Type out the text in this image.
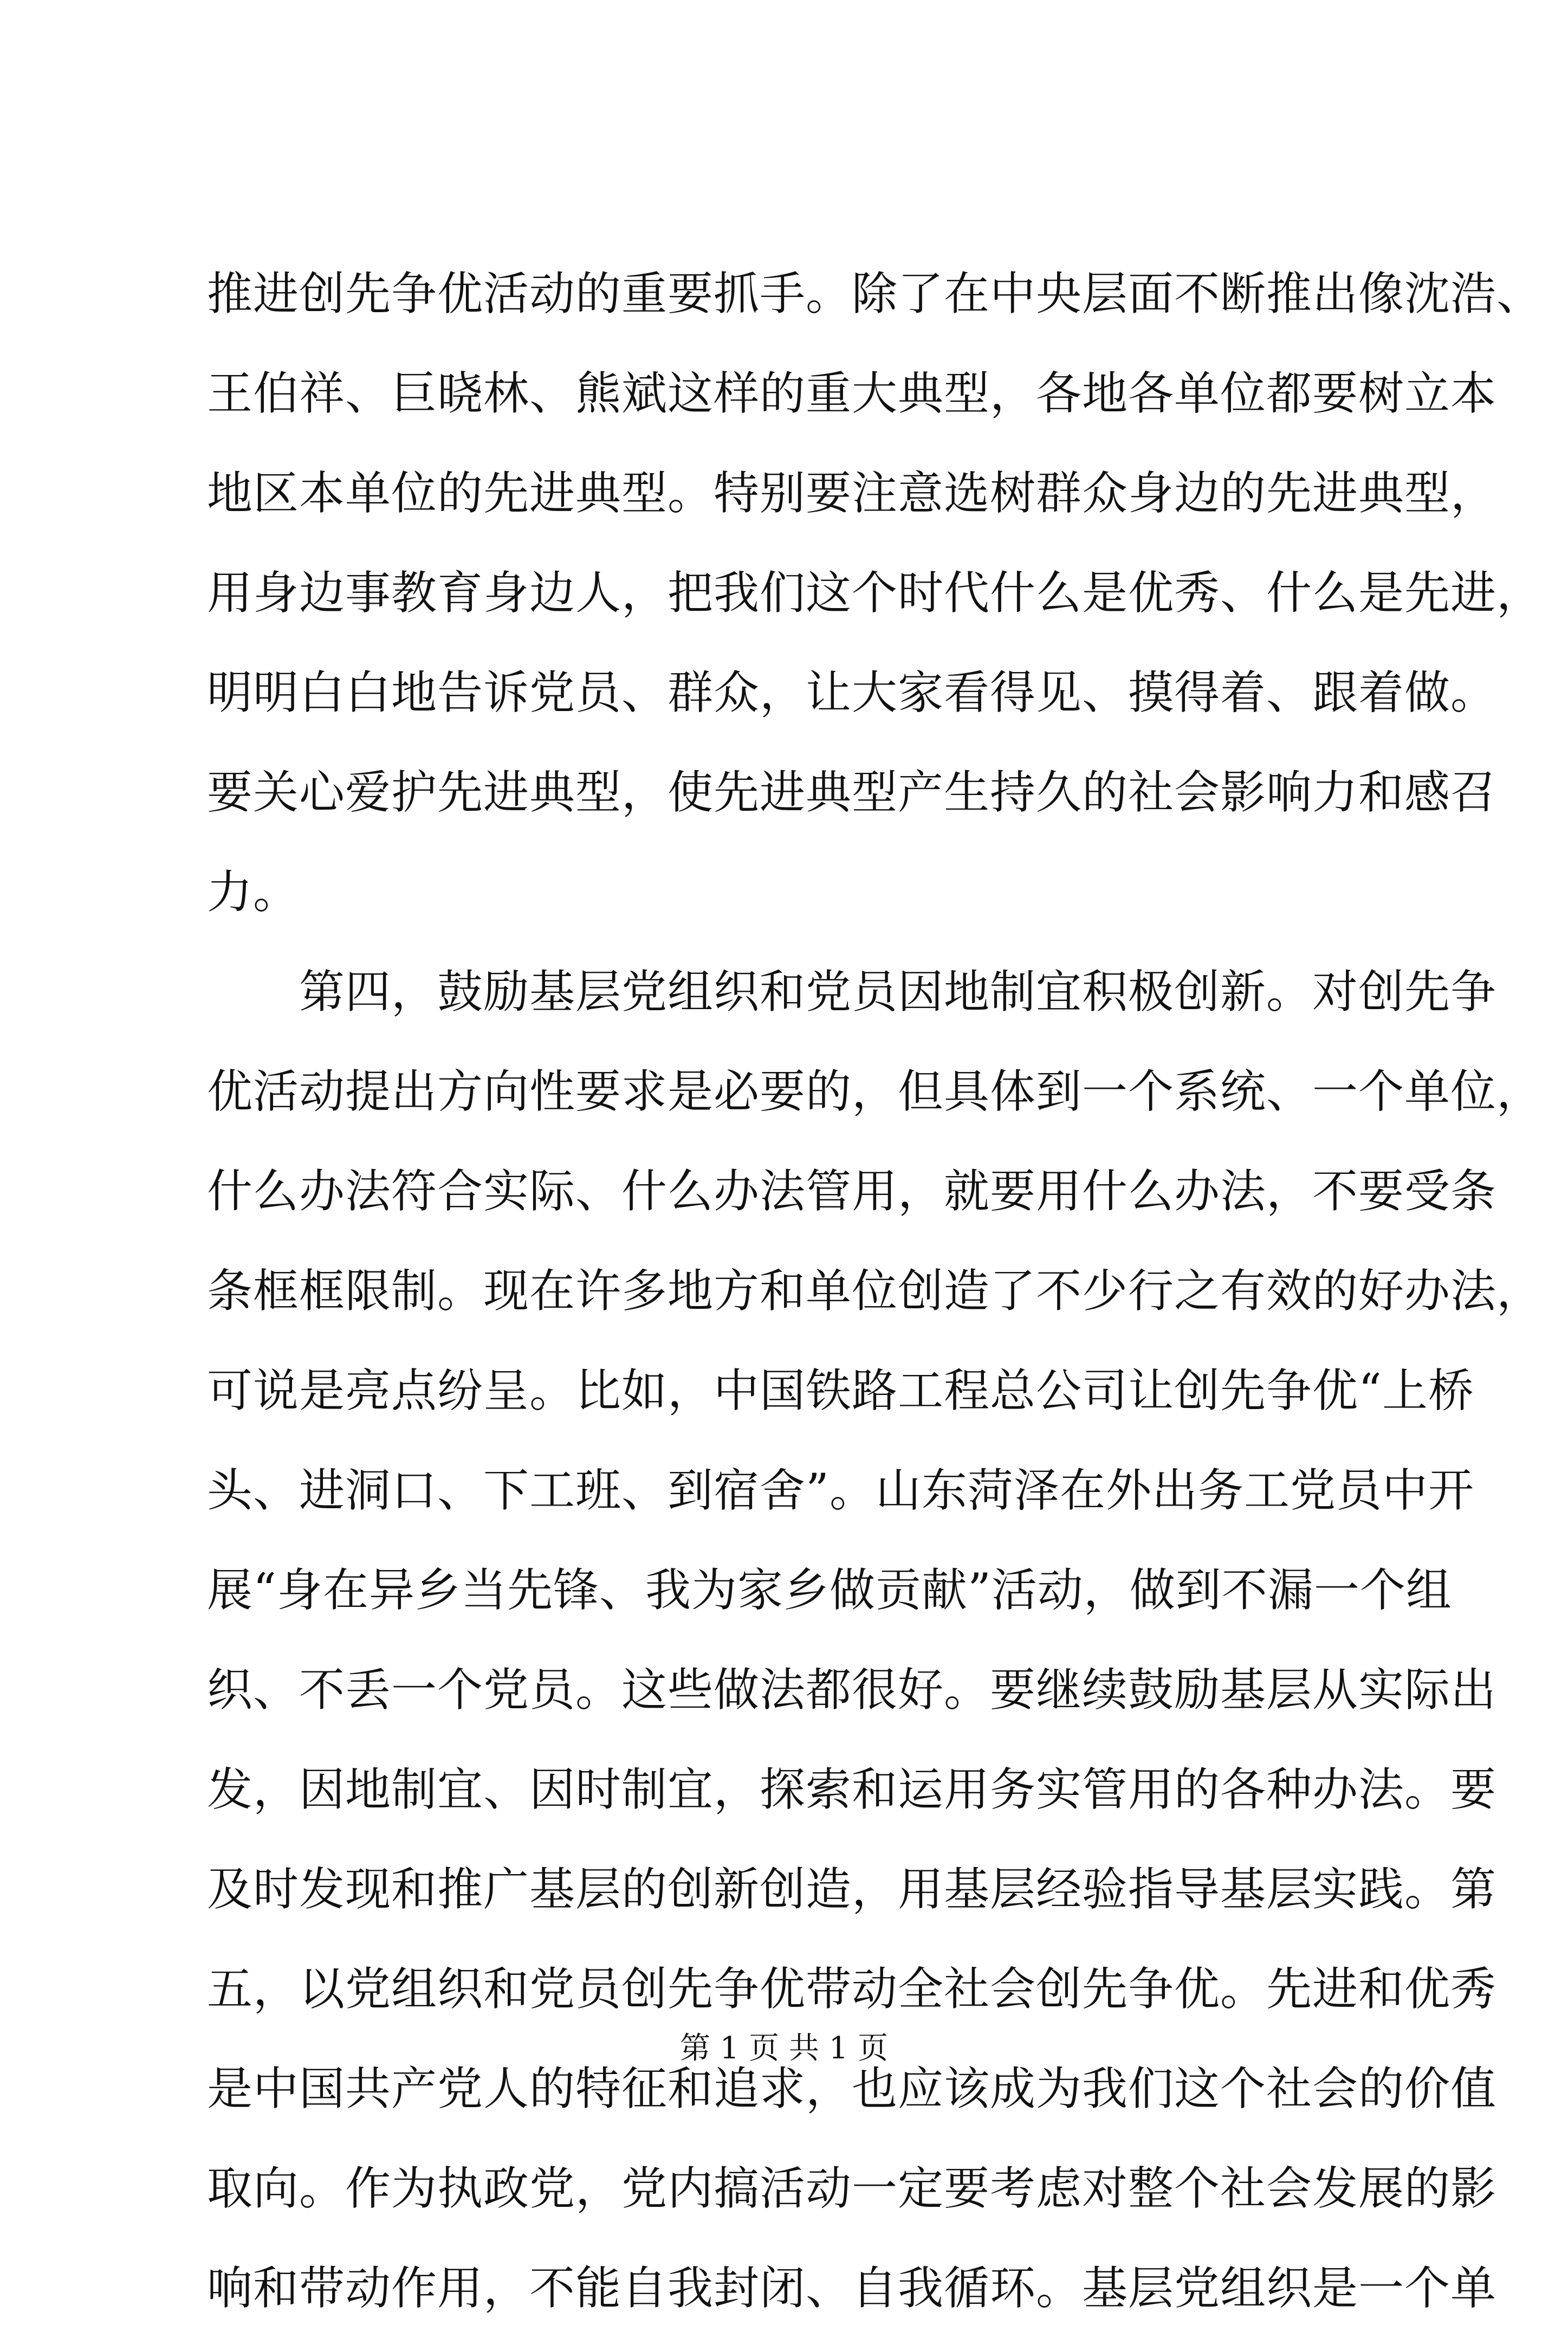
推进创先争优活动的重要抓手。除了在中央层面不断推出像沈浩、
王伯祥、巨晓林、熊斌这样的重大典型，各地各单位都要树立本
地区本单位的先进典型。特别要注意选树群众身边的先进典型，
用身边事教育身边人，把我们这个时代什么是优秀、什么是先进，
明明白白地告诉党员、群众，让大家看得见、摸得着、跟着做。
要关心爱护先进典型，使先进典型产生持久的社会影响力和感召
力。
　　第四，鼓励基层党组织和党员因地制宜积极创新。对创先争
优活动提出方向性要求是必要的，但具体到一个系统、一个单位，
什么办法符合实际、什么办法管用，就要用什么办法，不要受条
条框框限制。现在许多地方和单位创造了不少行之有效的好办法，
可说是亮点纷呈。比如，中国铁路工程总公司让创先争优“上桥
头、进洞口、下工班、到宿舍”。山东菏泽在外出务工党员中开
展“身在异乡当先锋、我为家乡做贡献”活动，做到不漏一个组
织、不丢一个党员。这些做法都很好。要继续鼓励基层从实际出
发，因地制宜、因时制宜，探索和运用务实管用的各种办法。要
及时发现和推广基层的创新创造，用基层经验指导基层实践。第
五，以党组织和党员创先争优带动全社会创先争优。先进和优秀
是中国共产党人的特征和追求，也应该成为我们这个社会的价值
取向。作为执政党，党内搞活动一定要考虑对整个社会发展的影
响和带动作用，不能自我封闭、自我循环。基层党组织是一个单
第 1 页 共 1 页
